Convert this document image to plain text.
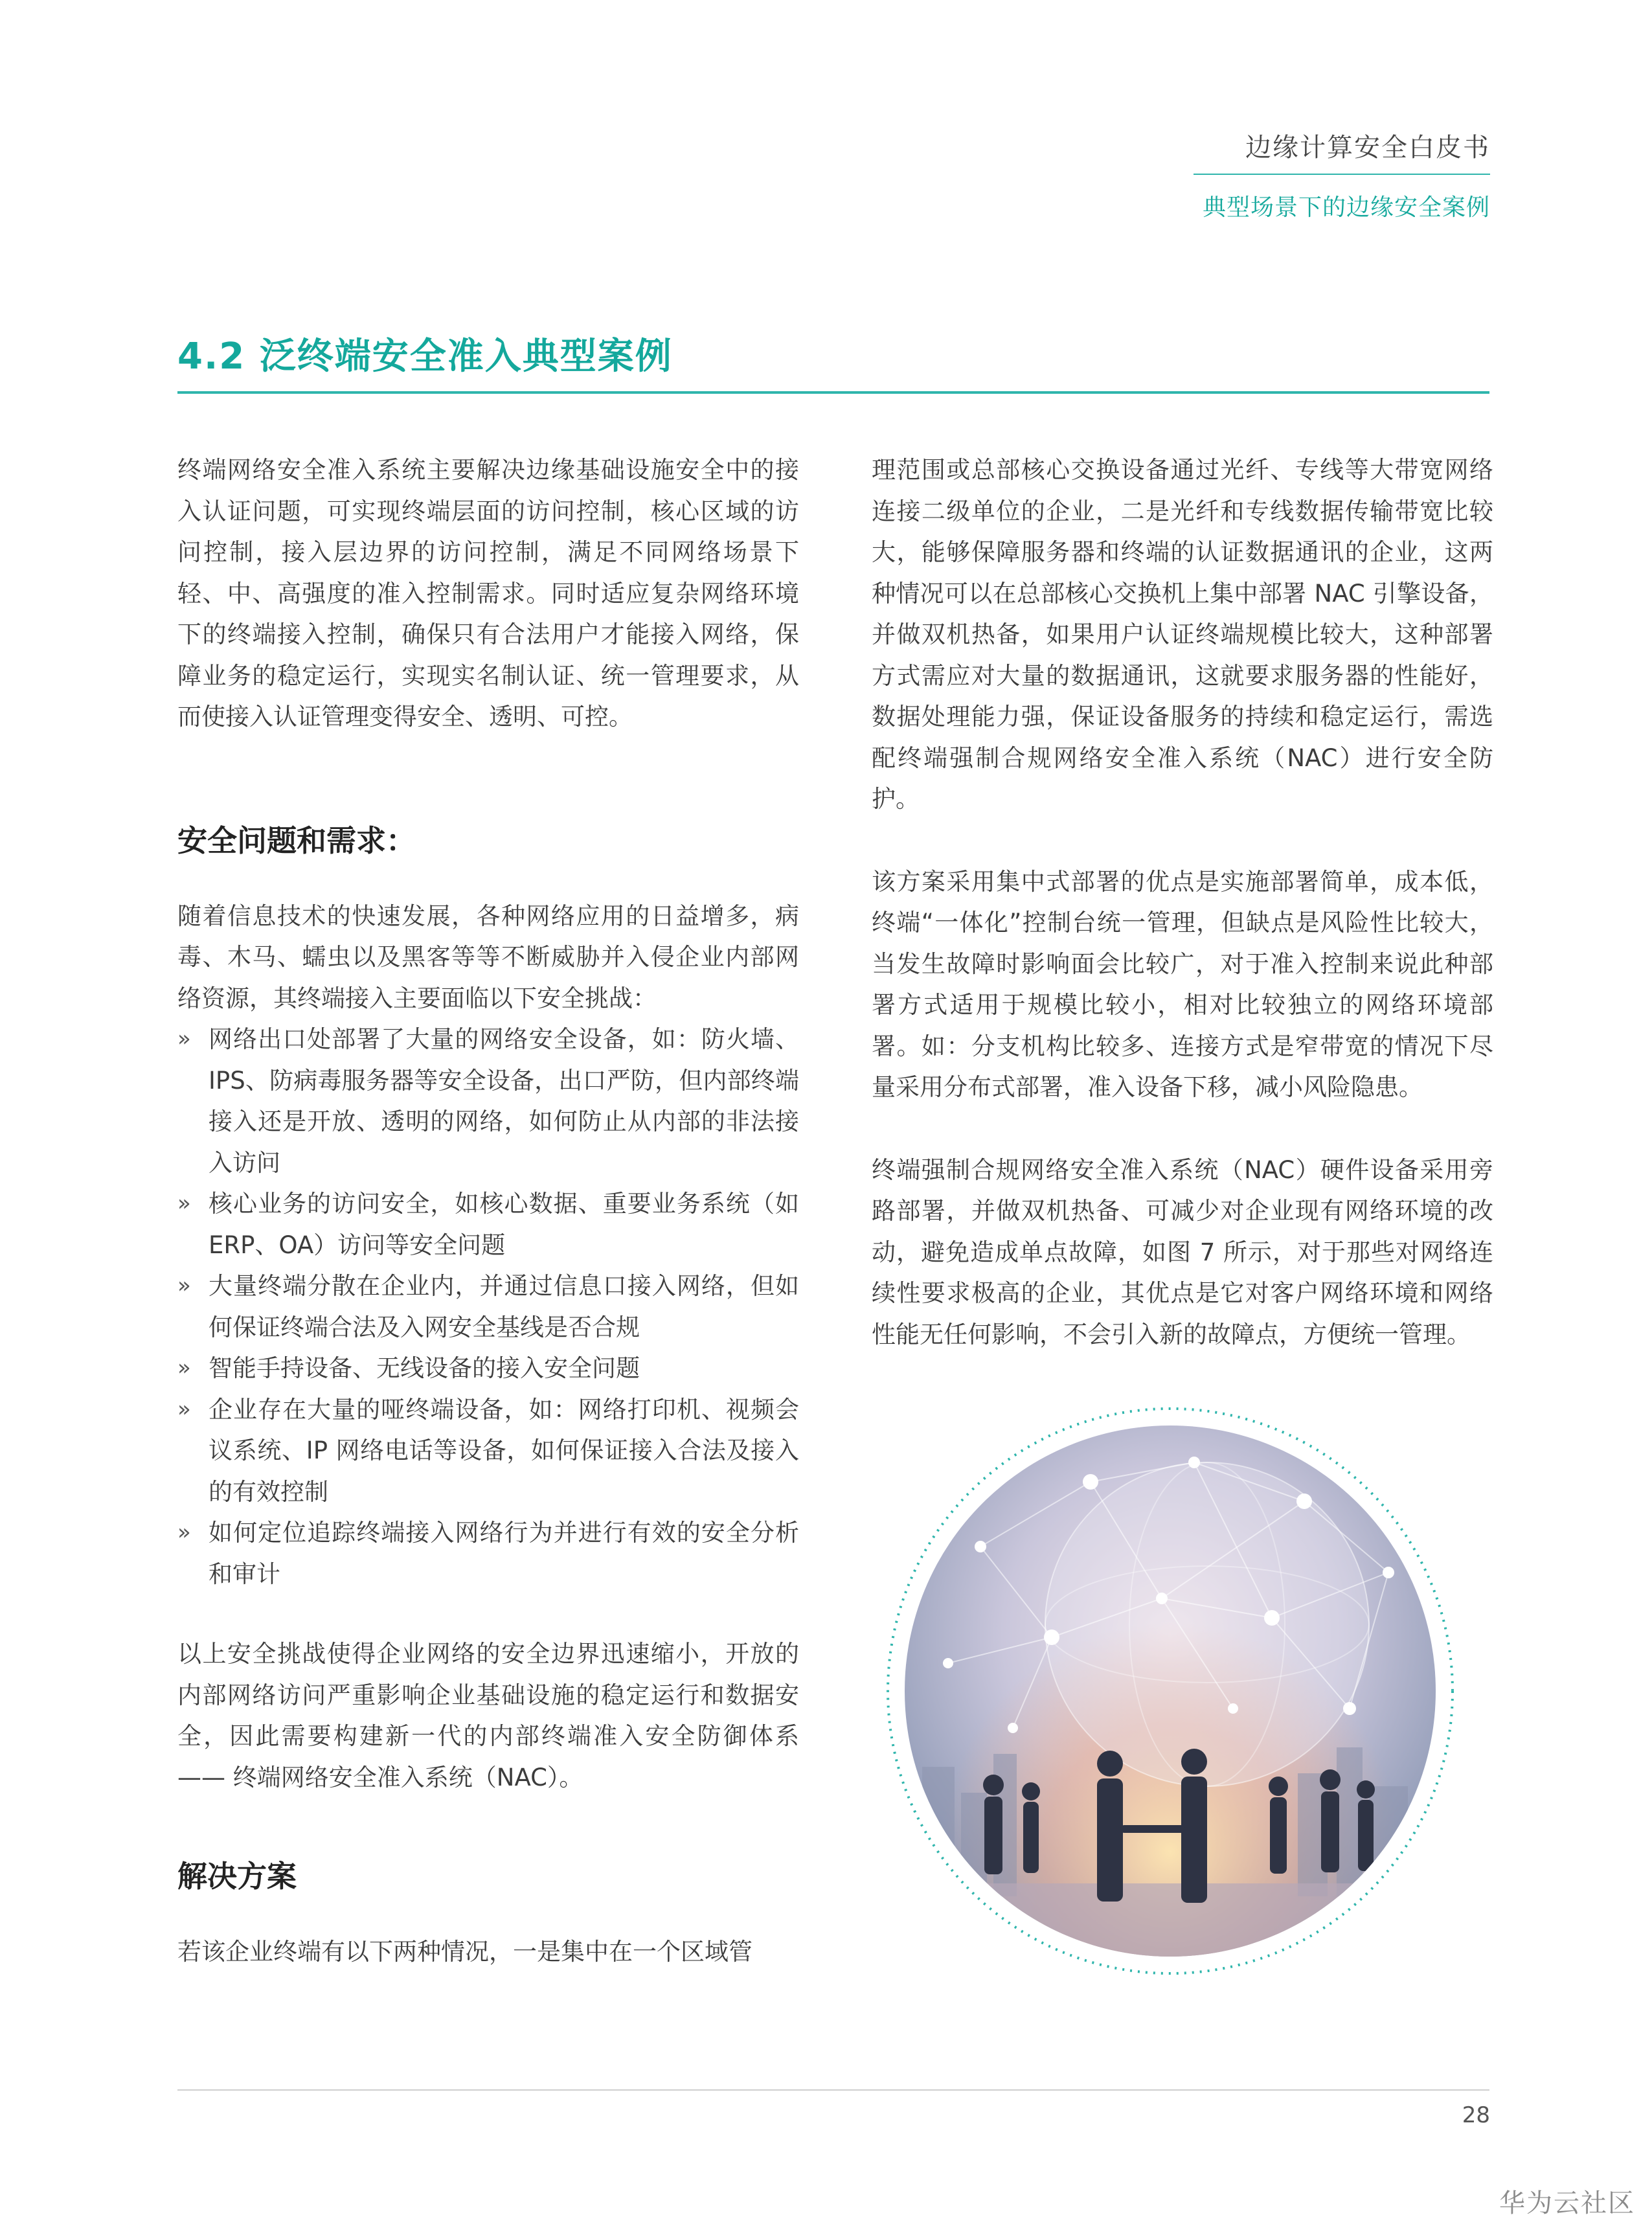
边缘计算安全白皮书
典型场景下的边缘安全案例
4.2 泛终端安全准入典型案例

终端网络安全准入系统主要解决边缘基础设施安全中的接入认证问题，可实现终端层面的访问控制，核心区域的访问控制，接入层边界的访问控制，满足不同网络场景下轻、中、高强度的准入控制需求。同时适应复杂网络环境下的终端接入控制，确保只有合法用户才能接入网络，保障业务的稳定运行，实现实名制认证、统一管理要求，从而使接入认证管理变得安全、透明、可控。

安全问题和需求：

随着信息技术的快速发展，各种网络应用的日益增多，病毒、木马、蠕虫以及黑客等等不断威胁并入侵企业内部网络资源，其终端接入主要面临以下安全挑战：

» 网络出口处部署了大量的网络安全设备，如：防火墙、IPS、防病毒服务器等安全设备，出口严防，但内部终端接入还是开放、透明的网络，如何防止从内部的非法接入访问
» 核心业务的访问安全，如核心数据、重要业务系统（如 ERP、OA）访问等安全问题
» 大量终端分散在企业内，并通过信息口接入网络，但如何保证终端合法及入网安全基线是否合规
» 智能手持设备、无线设备的接入安全问题
» 企业存在大量的哑终端设备，如：网络打印机、视频会议系统、IP 网络电话等设备，如何保证接入合法及接入的有效控制
» 如何定位追踪终端接入网络行为并进行有效的安全分析和审计

以上安全挑战使得企业网络的安全边界迅速缩小，开放的内部网络访问严重影响企业基础设施的稳定运行和数据安全，因此需要构建新一代的内部终端准入安全防御体系 —— 终端网络安全准入系统（NAC）。

解决方案

若该企业终端有以下两种情况，一是集中在一个区域管

理范围或总部核心交换设备通过光纤、专线等大带宽网络连接二级单位的企业，二是光纤和专线数据传输带宽比较大，能够保障服务器和终端的认证数据通讯的企业，这两种情况可以在总部核心交换机上集中部署 NAC 引擎设备，并做双机热备，如果用户认证终端规模比较大，这种部署方式需应对大量的数据通讯，这就要求服务器的性能好，数据处理能力强，保证设备服务的持续和稳定运行，需选配终端强制合规网络安全准入系统（NAC）进行安全防护。

该方案采用集中式部署的优点是实施部署简单，成本低，终端“一体化”控制台统一管理，但缺点是风险性比较大，当发生故障时影响面会比较广，对于准入控制来说此种部署方式适用于规模比较小，相对比较独立的网络环境部署。如：分支机构比较多、连接方式是窄带宽的情况下尽量采用分布式部署，准入设备下移，减小风险隐患。

终端强制合规网络安全准入系统（NAC）硬件设备采用旁路部署，并做双机热备、可减少对企业现有网络环境的改动，避免造成单点故障，如图 7 所示，对于那些对网络连续性要求极高的企业，其优点是它对客户网络环境和网络性能无任何影响，不会引入新的故障点，方便统一管理。

28
华为云社区
